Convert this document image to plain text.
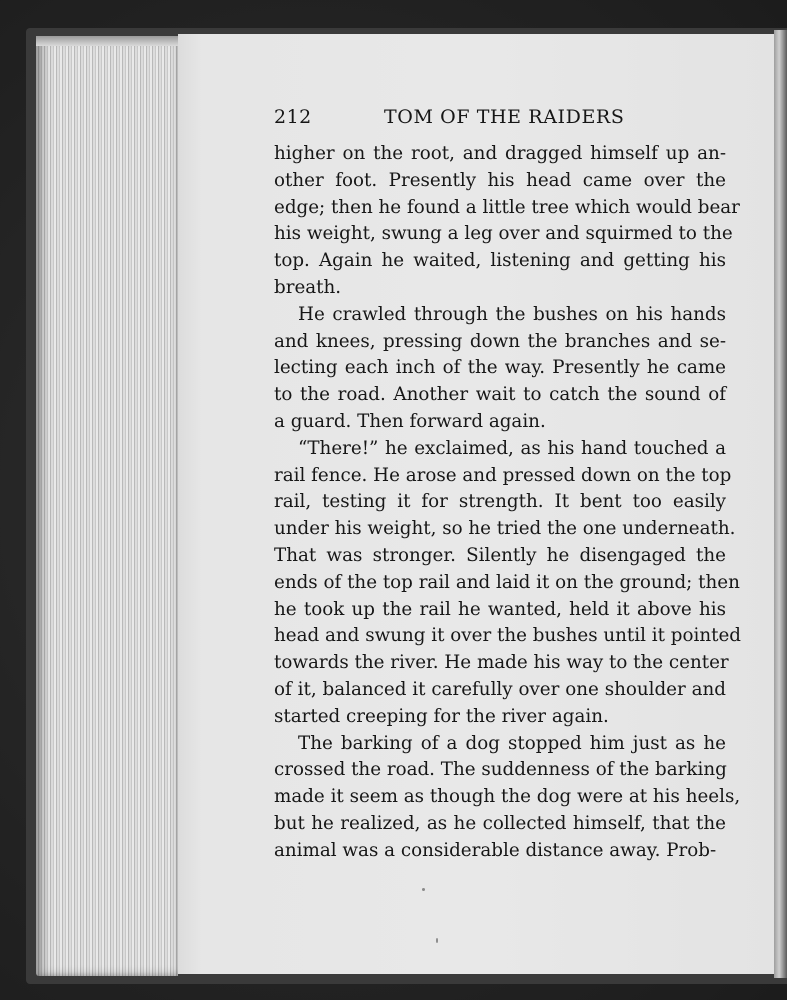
212	TOM OF THE RAIDERS
higher on the root, and dragged himself up an-
other foot. Presently his head came over the
edge; then he found a little tree which would bear
his weight, swung a leg over and squirmed to the
top. Again he waited, listening and getting his
breath.
He crawled through the bushes on his hands
and knees, pressing down the branches and se-
lecting each inch of the way. Presently he came
to the road. Another wait to catch the sound of
a guard. Then forward again.
“There!” he exclaimed, as his hand touched a
rail fence. He arose and pressed down on the top
rail, testing it for strength. It bent too easily
under his weight, so he tried the one underneath.
That was stronger. Silently he disengaged the
ends of the top rail and laid it on the ground; then
he took up the rail he wanted, held it above his
head and swung it over the bushes until it pointed
towards the river. He made his way to the center
of it, balanced it carefully over one shoulder and
started creeping for the river again.
The barking of a dog stopped him just as he
crossed the road. The suddenness of the barking
made it seem as though the dog were at his heels,
but he realized, as he collected himself, that the
animal was a considerable distance away. Prob-
